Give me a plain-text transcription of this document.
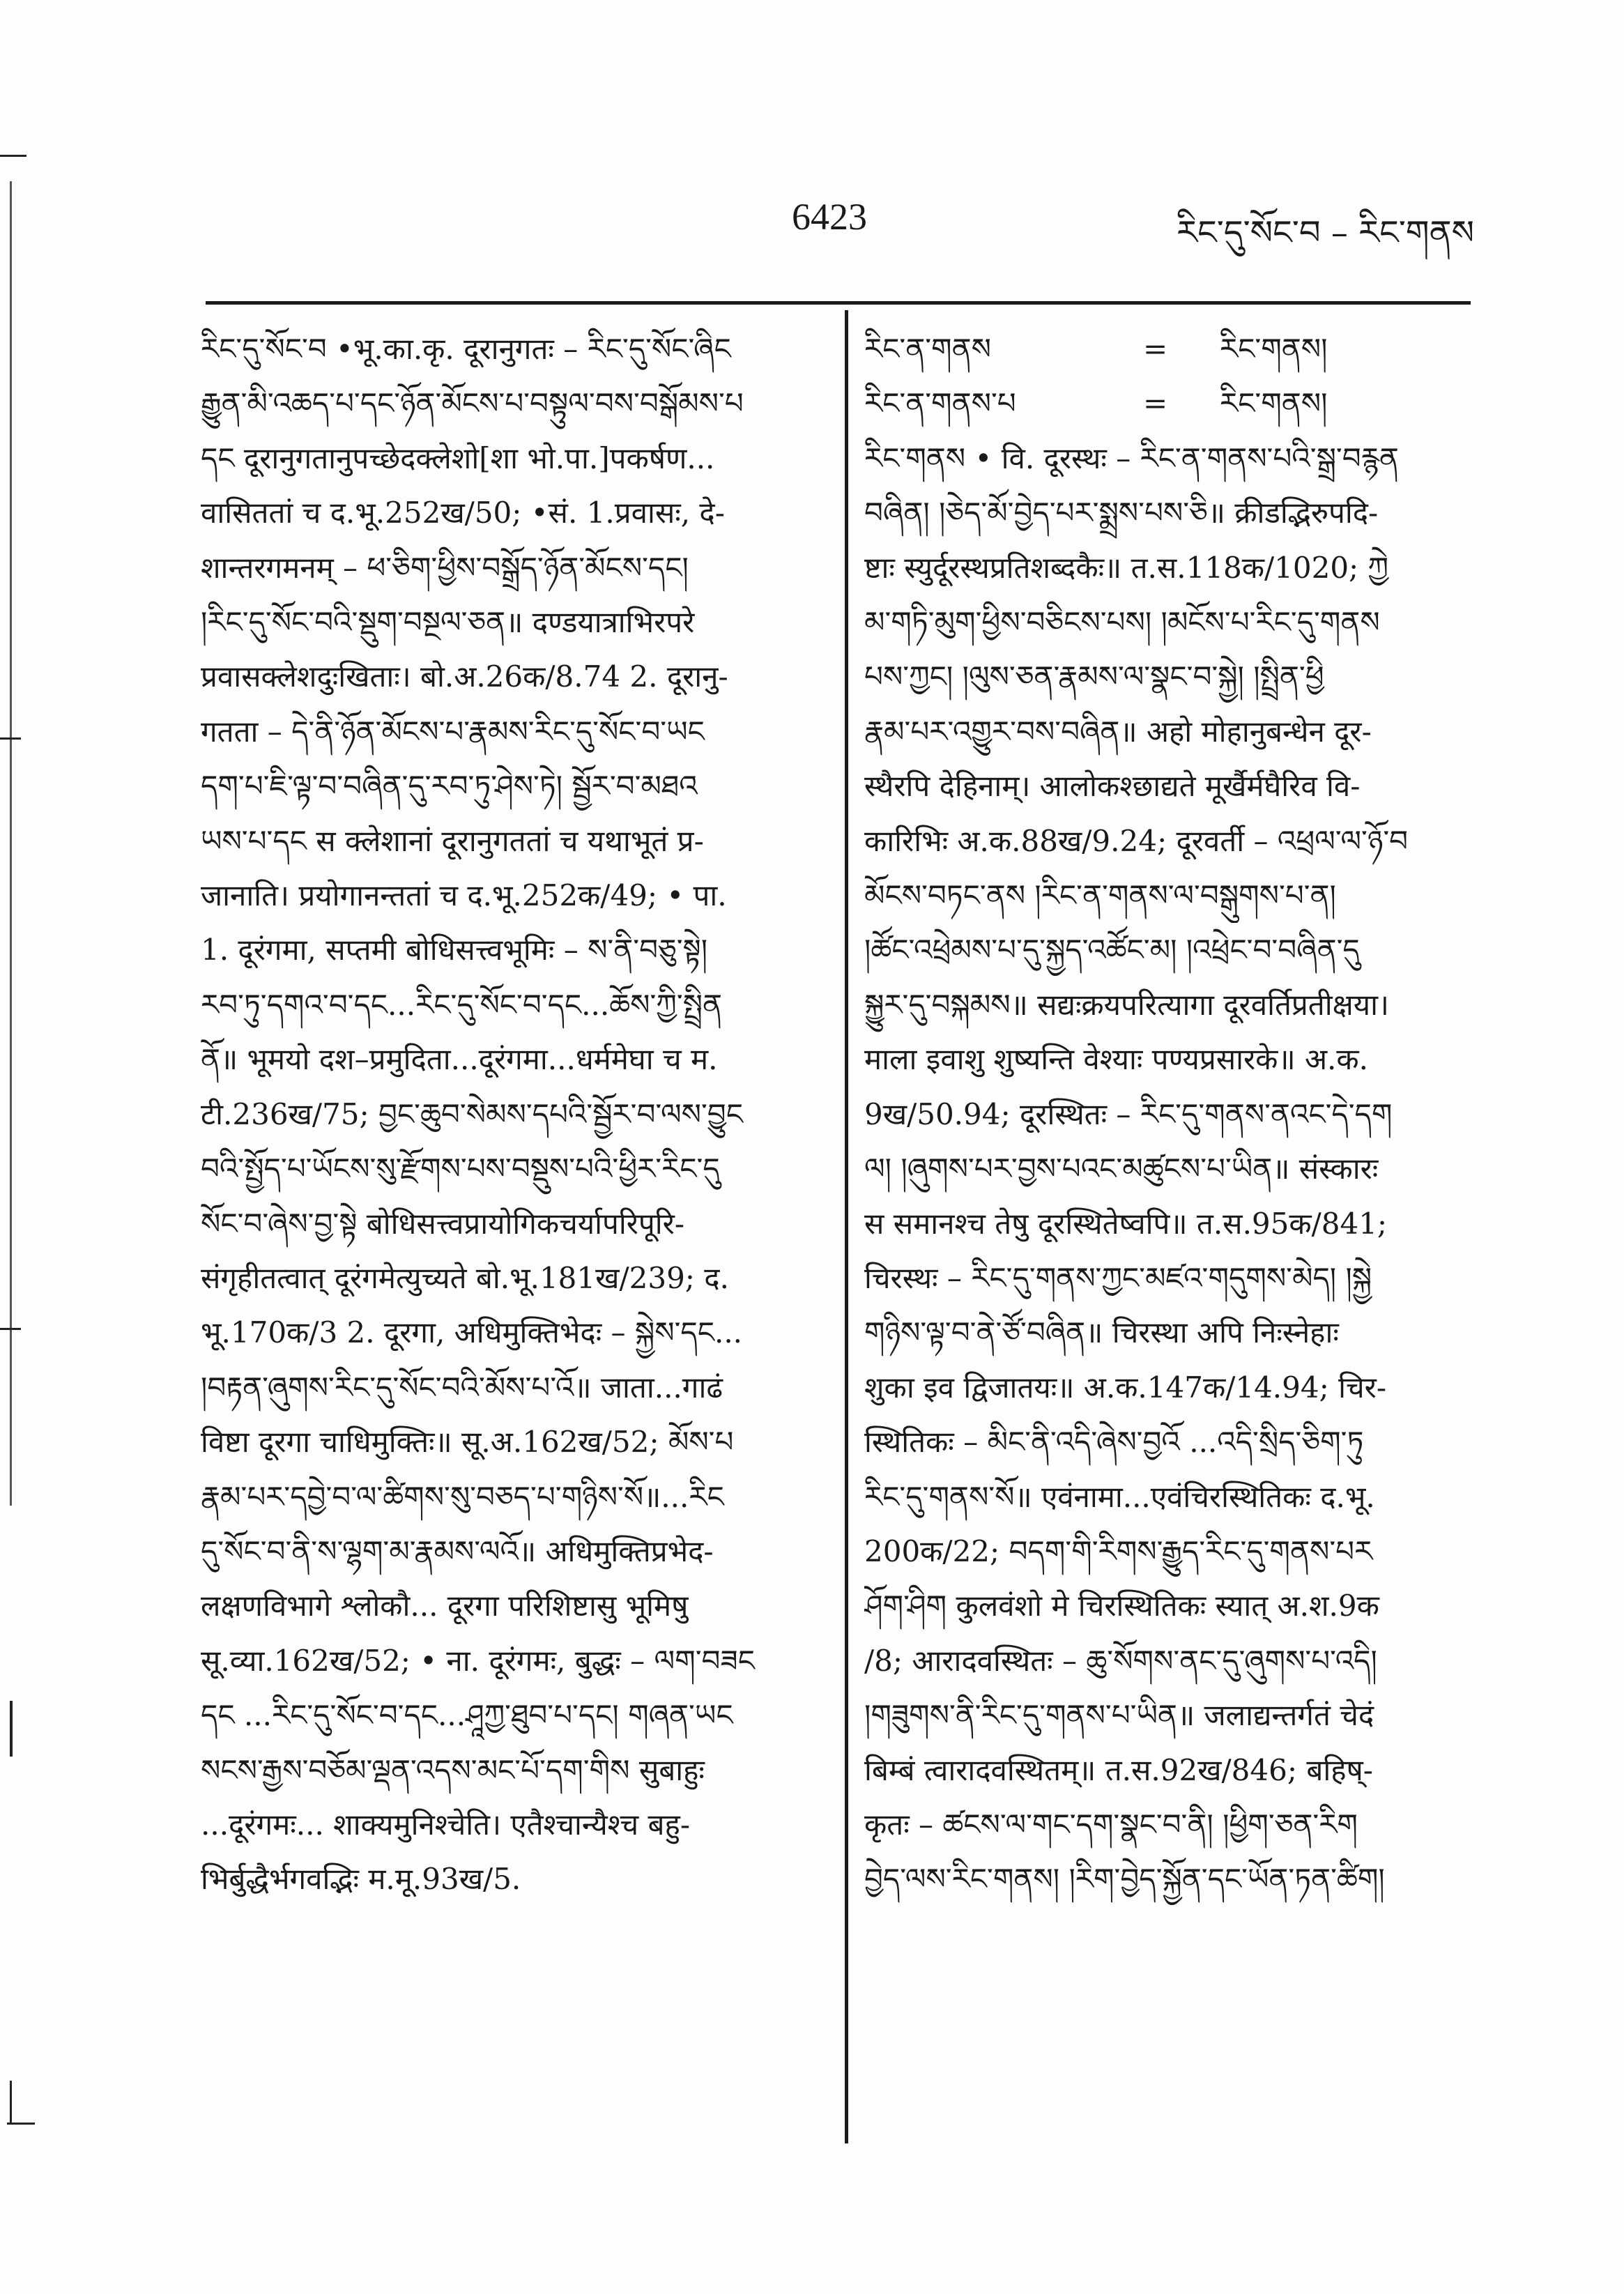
6423	རིང་དུ་སོང་བ – རིང་གནས

རིང་དུ་སོང་བ •भू.का.कृ. दूरानुगतः – རིང་དུ་སོང་ཞིང

རྒྱུན་མི་འཆད་པ་དང་ཉོན་མོངས་པ་བསྟུལ་བས་བསྒོམས་པ

དང दूरानुगतानुपच्छेदक्लेशो[शा भो.पा.]पकर्षण...

वासिततां च द.भू.252ख/50; •सं. 1.प्रवासः, दे-

शान्तरगमनम् – ཕ་ཅིག་ཕྱིས་བསྒྲོད་ཉོན་མོངས་དང།

།རིང་དུ་སོང་བའི་སྡུག་བསྔལ་ཅན॥ दण्डयात्राभिरपरे

प्रवासक्लेशदुःखिताः। बो.अ.26क/8.74 2. दूरानु-

गतता – དེ་ནི་ཉོན་མོངས་པ་རྣམས་རིང་དུ་སོང་བ་ཡང

དག་པ་ཇི་ལྟ་བ་བཞིན་དུ་རབ་ཏུ་ཤེས་ཏེ། སྦྱོར་བ་མཐའ

ཡས་པ་དང स क्लेशानां दूरानुगततां च यथाभूतं प्र-

जानाति। प्रयोगानन्ततां च द.भू.252क/49; • पा.

1. दूरंगमा, सप्तमी बोधिसत्त्वभूमिः – ས་ནི་བཅུ་སྟེ།

རབ་ཏུ་དགའ་བ་དང...རིང་དུ་སོང་བ་དང...ཆོས་ཀྱི་སྤྲིན

ནོ॥ भूमयो दश–प्रमुदिता...दूरंगमा...धर्ममेघा च म.

टी.236ख/75; བྱང་ཆུབ་སེམས་དཔའི་སྦྱོར་བ་ལས་བྱུང

བའི་སྤྱོད་པ་ཡོངས་སུ་རྫོགས་པས་བསྡུས་པའི་ཕྱིར་རིང་དུ

སོང་བ་ཞེས་བྱ་སྟེ बोधिसत्त्वप्रायोगिकचर्यापरिपूरि-

संगृहीतत्वात् दूरंगमेत्युच्यते बो.भू.181ख/239; द.

भू.170क/3 2. दूरगा, अधिमुक्तिभेदः – སྐྱེས་དང...

།བརྟན་ཞུགས་རིང་དུ་སོང་བའི་མོས་པ་འོ॥ जाता...गाढं

विष्टा दूरगा चाधिमुक्तिः॥ सू.अ.162ख/52; མོས་པ

རྣམ་པར་དབྱེ་བ་ལ་ཚིགས་སུ་བཅད་པ་གཉིས་སོ॥...རིང

དུ་སོང་བ་ནི་ས་ལྷག་མ་རྣམས་ལའོ॥ अधिमुक्तिप्रभेद-

लक्षणविभागे श्लोकौ... दूरगा परिशिष्टासु भूमिषु

सू.व्या.162ख/52; • ना. दूरंगमः, बुद्धः – ལག་བཟང

དང ...རིང་དུ་སོང་བ་དང...ཤཱཀྱ་ཐུབ་པ་དང། གཞན་ཡང

སངས་རྒྱས་བཅོམ་ལྡན་འདས་མང་པོ་དག་གིས सुबाहुः

...दूरंगमः... शाक्यमुनिश्चेति। एतैश्चान्यैश्च बहु-

भिर्बुद्धैर्भगवद्भिः म.मू.93ख/5.

རིང་ན་གནས	=	རིང་གནས།
རིང་ན་གནས་པ	=	རིང་གནས།

རིང་གནས • वि. दूरस्थः – རིང་ན་གནས་པའི་སྒྲ་བརྙན

བཞིན། །ཅེད་མོ་བྱེད་པར་སྨྲས་པས་ཅི॥ क्रीडद्भिरुपदि-

ष्टाः स्युर्दूरस्थप्रतिशब्दकैः॥ त.स.118क/1020; ཀྱེ

མ་གཏི་མུག་ཕྱིས་བཅིངས་པས། །མངོས་པ་རིང་དུ་གནས

པས་ཀྱང། །ལུས་ཅན་རྣམས་ལ་སྣང་བ་སྐྱེ། །སྤྲིན་ཕྱི

རྣམ་པར་འགྱུར་བས་བཞིན॥ अहो मोहानुबन्धेन दूर-

स्थैरपि देहिनाम्। आलोकश्छाद्यते मूर्खैर्मघैरिव वि-

कारिभिः अ.क.88ख/9.24; दूरवर्ती – འཕྲལ་ལ་ཉོ་བ

མོངས་བཏང་ནས །རིང་ན་གནས་ལ་བསྒུགས་པ་ན།

།ཚོང་འཕྲེམས་པ་དུ་སྐྱད་འཚོང་མ། །འཕྲེང་བ་བཞིན་དུ

སྐྱུར་དུ་བསྐམས॥ सद्यःक्रयपरित्यागा दूरवर्तिप्रतीक्षया।

माला इवाशु शुष्यन्ति वेश्याः पण्यप्रसारके॥ अ.क.

9ख/50.94; दूरस्थितः – རིང་དུ་གནས་ནའང་དེ་དག

ལ། །ཞུགས་པར་བྱས་པའང་མཚུངས་པ་ཡིན॥ संस्कारः

स समानश्च तेषु दूरस्थितेष्वपि॥ त.स.95क/841;

चिरस्थः – རིང་དུ་གནས་ཀྱང་མཛའ་གདུགས་མེད། །སྐྱེ

གཉིས་ལྟ་བ་ནེ་ཙོ་བཞིན॥ चिरस्था अपि निःस्नेहाः

शुका इव द्विजातयः॥ अ.क.147क/14.94; चिर-

स्थितिकः – མིང་ནི་འདི་ཞེས་བྱའོ ...འདི་སྲིད་ཅིག་ཏུ

རིང་དུ་གནས་སོ॥ एवंनामा...एवंचिरस्थितिकः द.भू.

200क/22; བདག་གི་རིགས་རྒྱུད་རིང་དུ་གནས་པར

ཤོག་ཤིག कुलवंशो मे चिरस्थितिकः स्यात् अ.श.9क

/8; आरादवस्थितः – ཆུ་སོགས་ནང་དུ་ཞུགས་པ་འདི།

།གཟུགས་ནི་རིང་དུ་གནས་པ་ཡིན॥ जलाद्यन्तर्गतं चेदं

बिम्बं त्वारादवस्थितम्॥ त.स.92ख/846; बहिष्-

कृतः – ཚངས་ལ་གང་དག་སྣང་བ་ནི། །ཕྱིག་ཅན་རིག

བྱེད་ལས་རིང་གནས། །རིག་བྱེད་སྐྱོན་དང་ཡོན་ཏན་ཚིག།
